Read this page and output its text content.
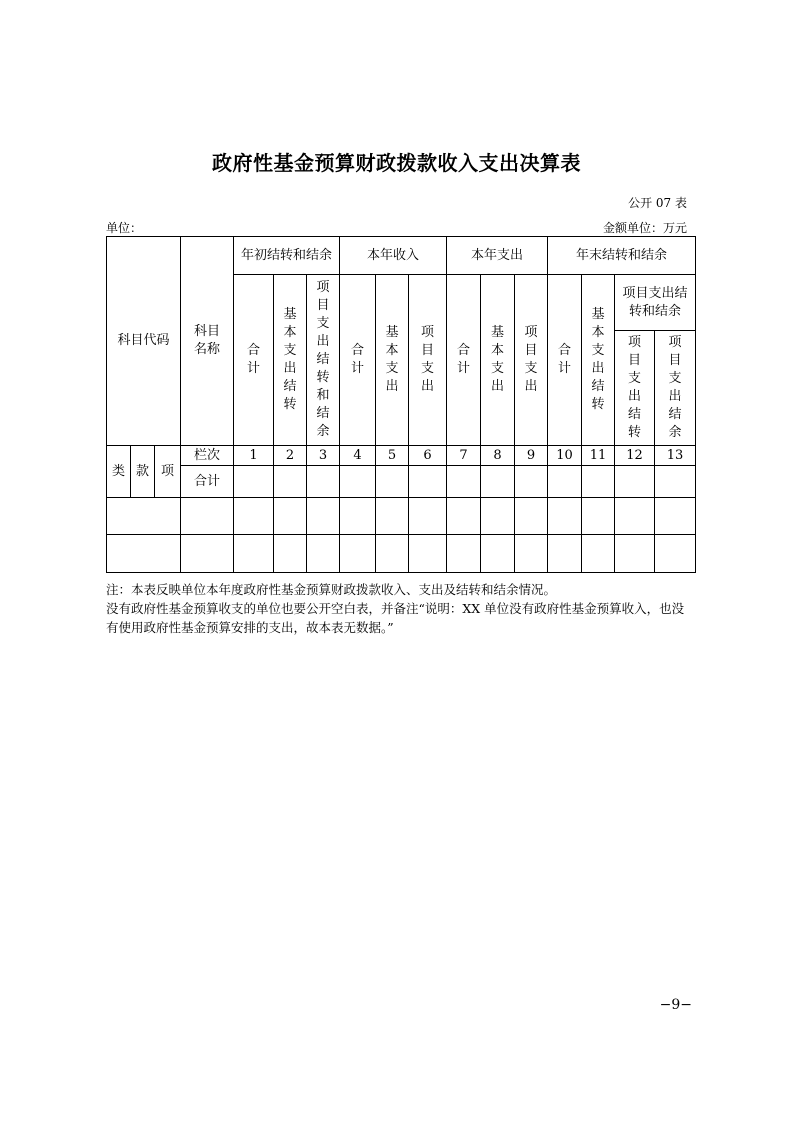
政府性基金预算财政拨款收入支出决算表
公开 07 表
单位：	金额单位：万元
科目代码			科目名称	年初结转和结余			本年收入			本年支出			年末结转和结余			
				合计	基本支出结转	项目支出结转和结余	合计	基本支出	项目支出	合计	基本支出	项目支出	合计	基本支出结转	项目支出结转和结余	

															项目支出结转	项目支出结余
类	款	项	栏次	1	2	3	4	5	6	7	8	9	10	11	12	13
			合计													

注：本表反映单位本年度政府性基金预算财政拨款收入、支出及结转和结余情况。
没有政府性基金预算收支的单位也要公开空白表，并备注“说明：XX 单位没有政府性基金预算收入，也没有使用政府性基金预算安排的支出，故本表无数据。”
−9−
